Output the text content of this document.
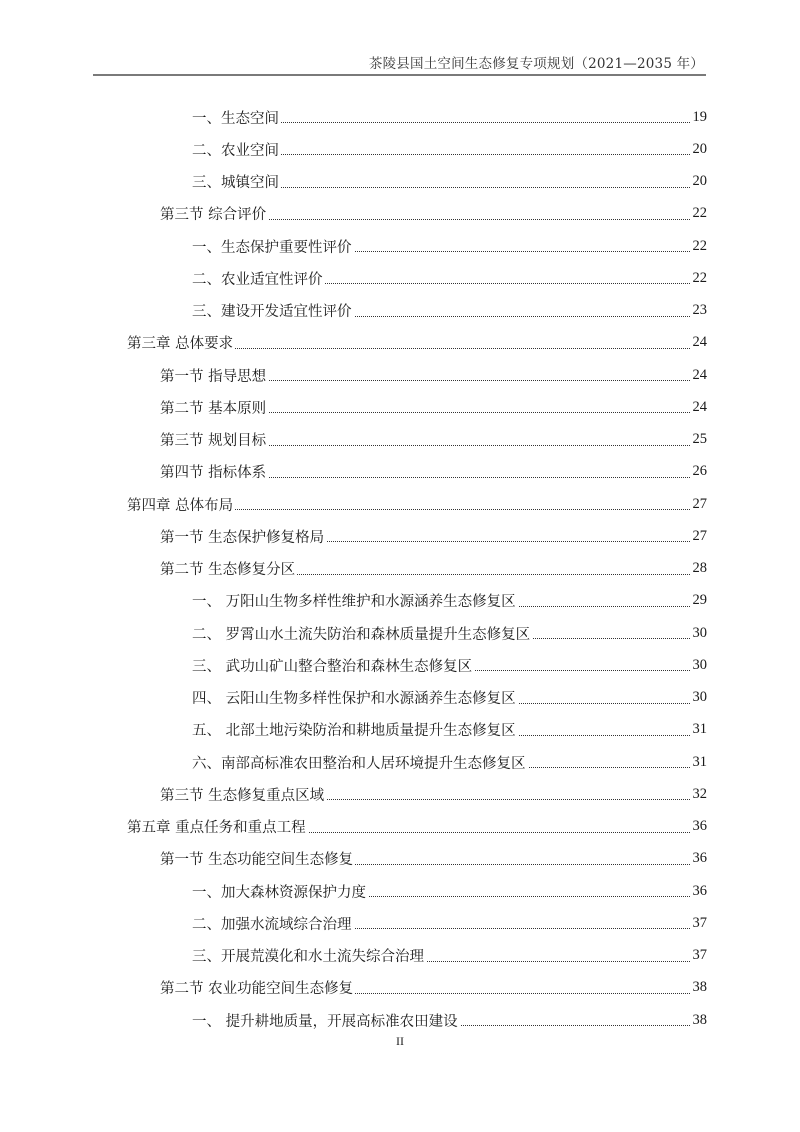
茶陵县国土空间生态修复专项规划（2021—2035 年）
一、生态空间	19
二、农业空间	20
三、城镇空间	20
第三节 综合评价	22
一、生态保护重要性评价	22
二、农业适宜性评价	22
三、建设开发适宜性评价	23
第三章 总体要求	24
第一节 指导思想	24
第二节 基本原则	24
第三节 规划目标	25
第四节 指标体系	26
第四章 总体布局	27
第一节 生态保护修复格局	27
第二节 生态修复分区	28
一、 万阳山生物多样性维护和水源涵养生态修复区	29
二、 罗霄山水土流失防治和森林质量提升生态修复区	30
三、 武功山矿山整合整治和森林生态修复区	30
四、 云阳山生物多样性保护和水源涵养生态修复区	30
五、 北部土地污染防治和耕地质量提升生态修复区	31
六、南部高标准农田整治和人居环境提升生态修复区	31
第三节 生态修复重点区域	32
第五章 重点任务和重点工程	36
第一节 生态功能空间生态修复	36
一、加大森林资源保护力度	36
二、加强水流域综合治理	37
三、开展荒漠化和水土流失综合治理	37
第二节 农业功能空间生态修复	38
一、 提升耕地质量，开展高标准农田建设	38
II
